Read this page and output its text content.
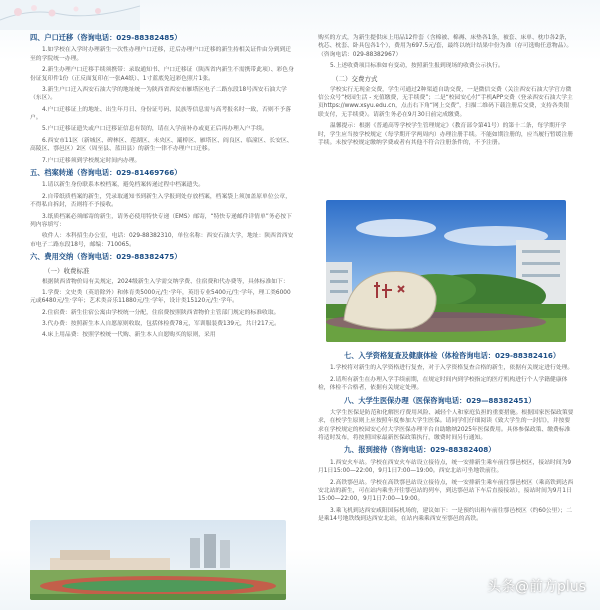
四、户口迁移（咨询电话：029-88382485）

1.如学校在入学时办理新生一次性办理户口迁移，迁后办理户口迁移的新生持相关证件由分到到迁至的学院统一办理。

2.新生办理户口迁移手续须携带：录取通知书、户口迁移证（陕西省内新生不需携带此项）、彩色身份证复印件1份（正反面复印在一张A4纸）、1寸蓝底免冠彩色照片1张。

3.新生户口迁入西安石油大学的地址统一为陕西省西安市雁塔区电子二路东段18号西安石油大学（东区）。

4.户口迁移证上的地址、出生年月日、身份证号码、民族等信息需与高考报名时一致，否则不予落户。

5.户口迁移证遗失或户口迁移证信息有误的，请在入学前补办或更正后再办理入户手续。

6.西安市11区（新城区、碑林区、莲湖区、未央区、灞桥区、雁塔区、阎良区、临潼区、长安区、高陵区、鄠邑区）2区（周至县、蓝田县）的新生一律不办理户口迁移。

7.户口迁移须到学校规定时间内办理。

五、档案转递（咨询电话：029-81469766）

1.请以新生身份联系本校档案，避免档案转递过程中档案遗失。

2.自带纸质档案的新生，凭录取通知书到新生入学报到处存放档案，档案袋上须加盖原单位公章，不得私自拆封，否则将不予接收。

3.纸质档案必须邮寄的新生，请务必使用特快专递（EMS）邮寄，“特快专递邮件详情单”务必按下列内容填写：

收件人：本科招生办公室，电话：029-88382310，单位名称：西安石油大学，地址：陕西省西安市电子二路东段18号，邮编：710065。

六、费用交纳（咨询电话：029-88382475）
（一）收费标准

根据陕西省物价局有关规定，2024级新生入学需交纳学费、住宿费和代办费等，具体标准如下：

1.学费：文史类（英语除外）和体育类5000元/生·学年，英语专业5400元/生·学年，理工类6000元或6480元/生·学年；艺术类音乐11880元/生·学年，设计类15120元/生·学年。

2.住宿费：新生住宿公寓由学校统一分配，住宿费按照陕西省物价主管部门规定的标准收取。

3.代办费：按照新生本人自愿原则收取，包括体检费78元，军训服装费139元，共计217元。

4.床上用品费：按照学校统一代购、新生本人自愿购买的原则，采用

购买的方式，为新生提供床上用品12件套（含棉被、棉褥、床垫各1条，被套、床单、枕巾各2条，枕芯、枕套、卧具包各1个），费用为697.5元/套，最终以统计结果中份为准（存可选购任意物品）。（咨询电话：029-88382967）

5.上述收费项目标准如有变动，按照新生报到现场的收费公示执行。

（二）交费方式

学校实行无现金交费，学生可通过2种渠道自助交费，一是微信交费（关注西安石油大学官方微信公众号“校园生活 - 充值缴费，无手续费”；二是“校园安心付”手机APP交费（登录西安石油大学主页https://www.xsyu.edu.cn，点击右下角“网上交费”，扫描二维码下载注册后交费，支持各类银联支付，无手续费）。请新生务必在9月30日前完成缴费。

温馨提示：根据《普通高等学校学生管理规定》（教育部令第41号）的第十二条，每学期开学时，学生应当按学校规定（每学期开学两周内）办理注册手续。不能如期注册的，应当履行暂缓注册手续。未按学校规定缴纳学费或者有其他不符合注册条件的，不予注册。

七、入学资格复查及健康体检（体检咨询电话：029-88382416）

1.学校将对新生的入学资格进行复查，对于入学资格复查合格的新生，依据有关规定进行处理。

2.请所有新生在办理入学手续前期，在规定时间内到学校指定的医疗机构进行个人学籍健康体检，体检不合格者，依据有关规定处理。

八、大学生医保办理（医保咨询电话：029—88382451）

大学生医保是防范和化解医疗费用风险、减轻个人和家庭负担的重要措施。根据国家医保政策要求，在校学生原则上应按照年度参加大学生医保。请同学们仔细阅读《致大学生的一封信》，并按要求在学校规定的校园安心付大学医保办理平台自助缴纳2025年医保费用。具体参保政策、缴费标准将适时发布，将按照国家最新医保政策执行，缴费时间另行通知。

九、报到接待（咨询电话：029-88382408）

1.西安火车站。学校在西安火车站设立接待点，统一安排新生乘车前往鄠邑校区，接站时间为9月1日15:00—22:00，9月1日7:00—19:00。西安北站可坐地铁前往。

2.高铁鄠邑站。学校在高铁鄠邑站设立接待点，统一安排新生乘车前往鄠邑校区（乘高铁到达西安北站的新生，可在站内乘坐开往鄠邑站的列车，到达鄠邑站下车后直接接站），接站时间为9月1日15:00—22:00，9月1日7:00—19:00。

3.乘飞机到达西安咸阳国际机场的，建议如下：一是预约出租车前往鄠邑校区（约60公里）；二是乘14号地铁线到达西安北站，在站内乘乘西安至鄠邑的高铁。

头条@前方plus
